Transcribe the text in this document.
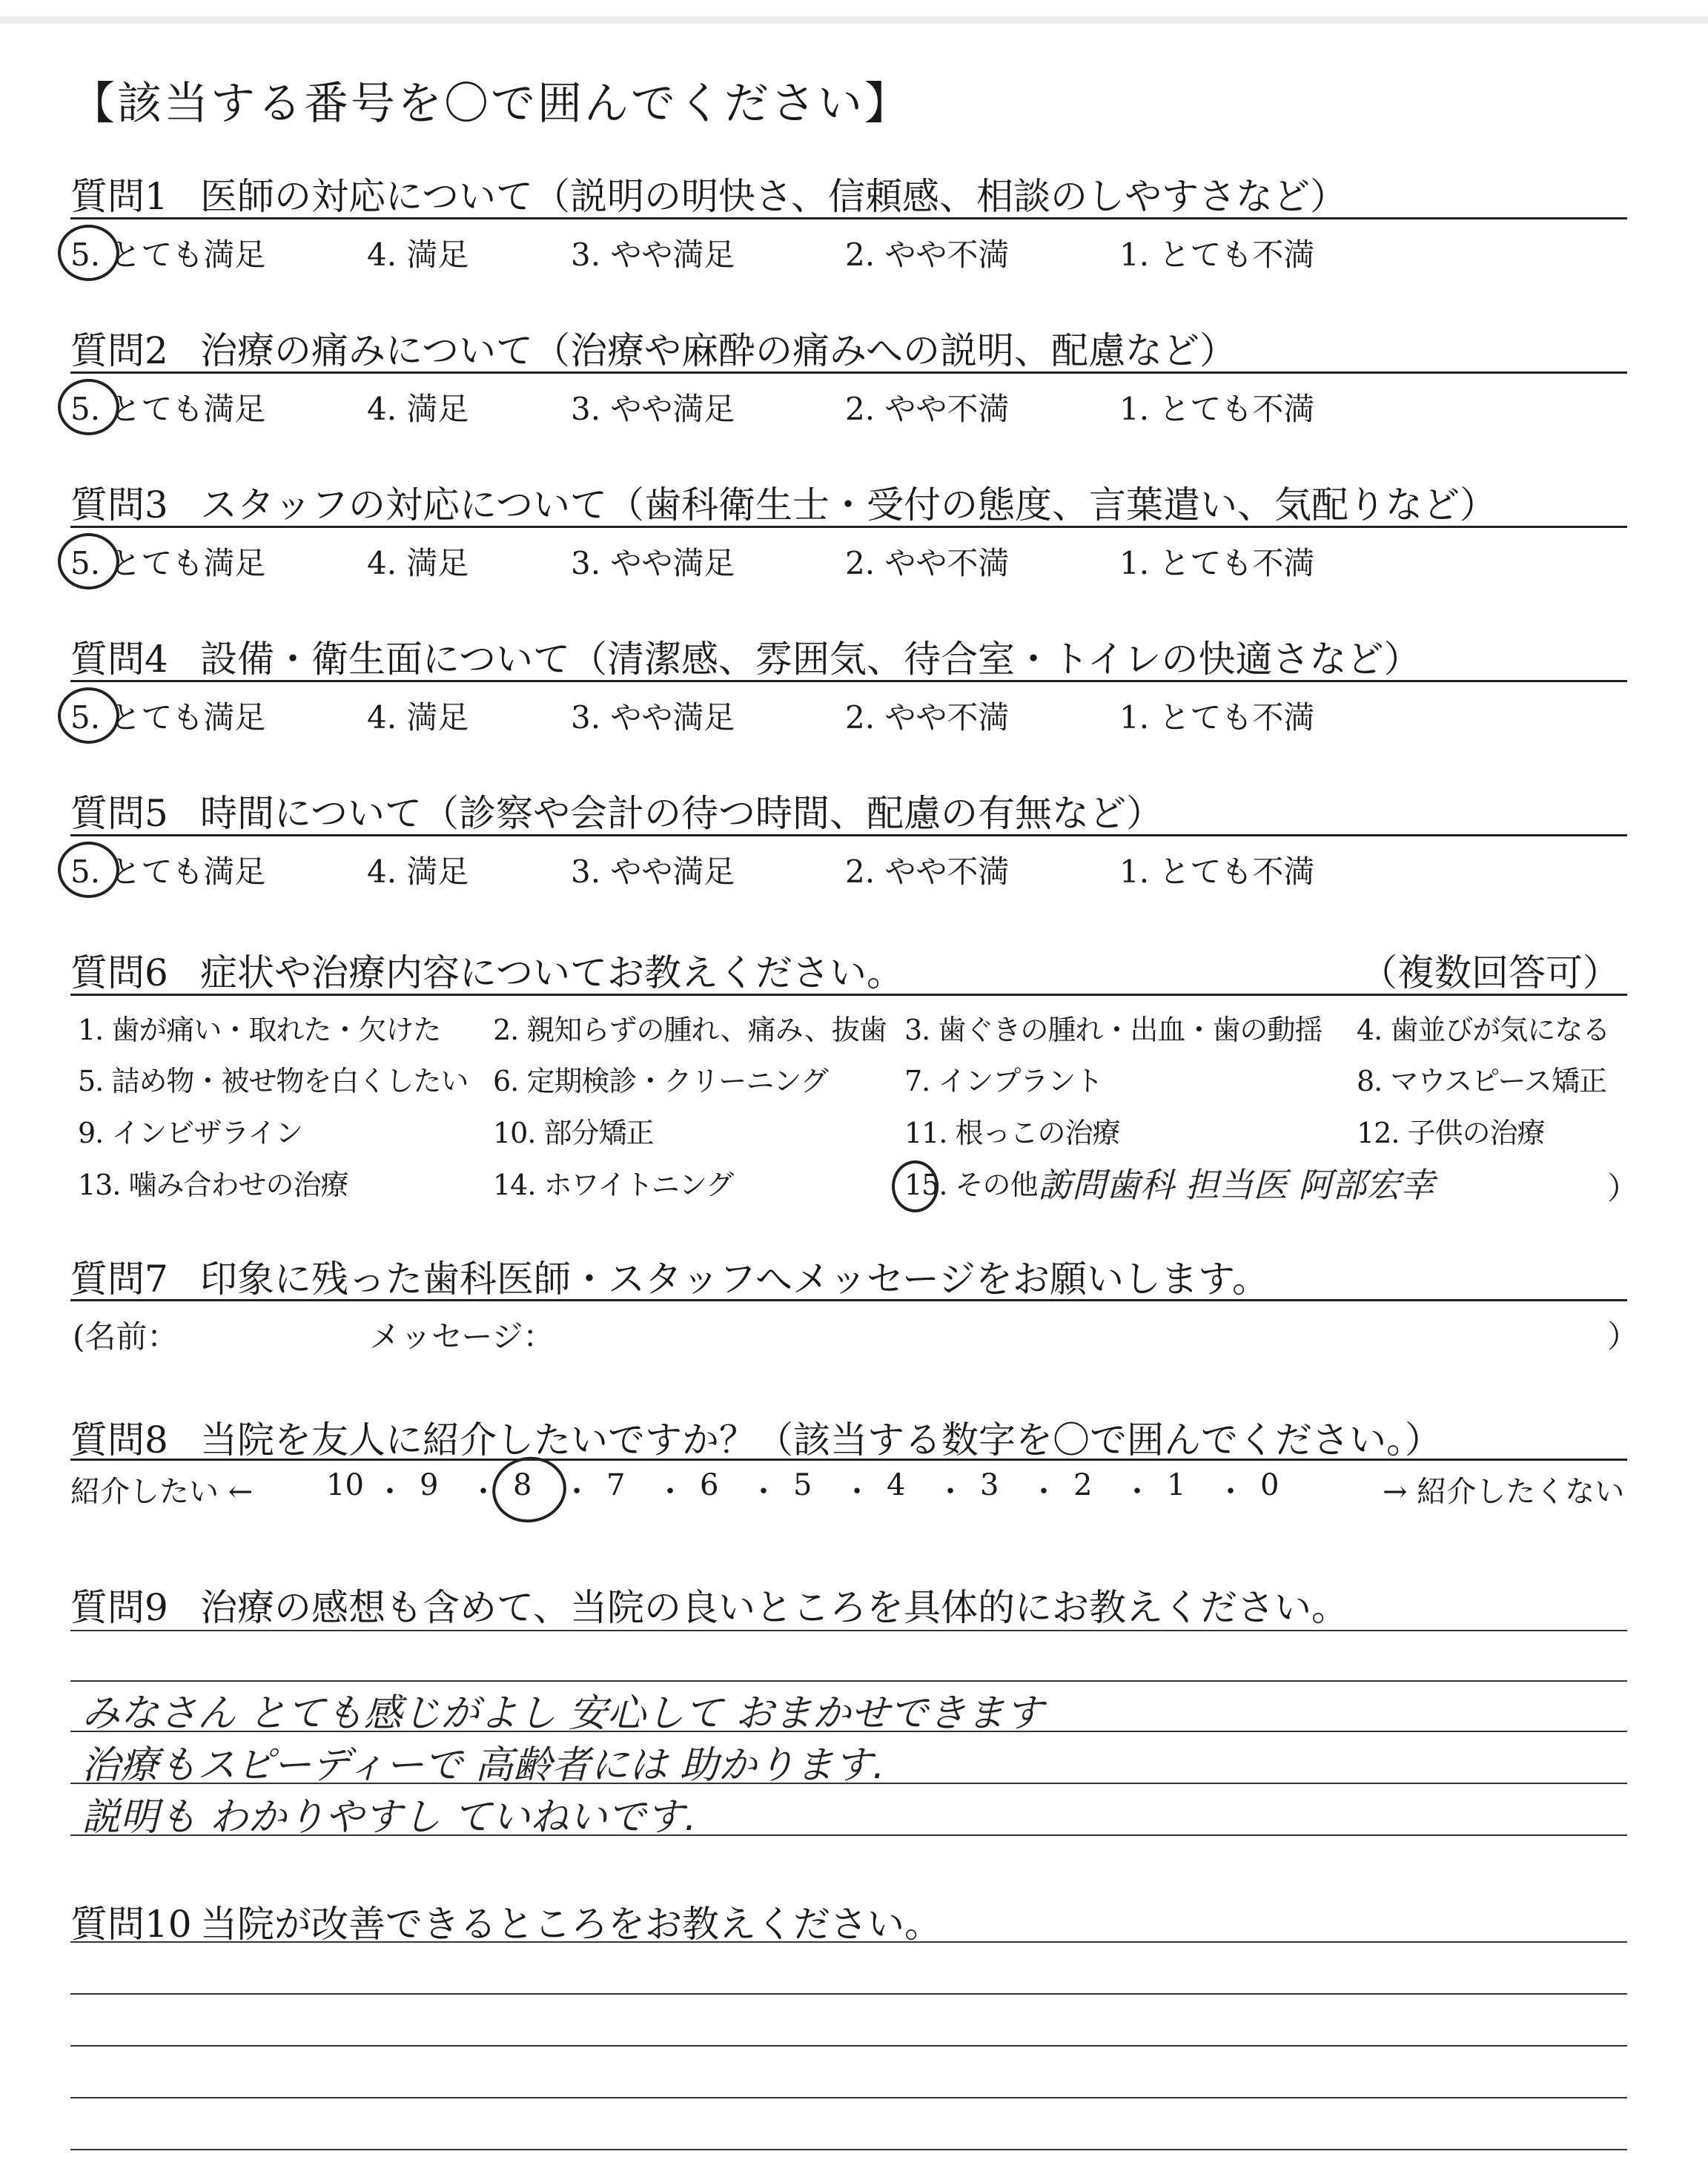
【該当する番号を〇で囲んでください】
質問1 医師の対応について（説明の明快さ、信頼感、相談のしやすさなど）
5. とても満足	4. 満足	3. やや満足	2. やや不満	1. とても不満
質問2 治療の痛みについて（治療や麻酔の痛みへの説明、配慮など）
5. とても満足	4. 満足	3. やや満足	2. やや不満	1. とても不満
質問3 スタッフの対応について（歯科衛生士・受付の態度、言葉遣い、気配りなど）
5. とても満足	4. 満足	3. やや満足	2. やや不満	1. とても不満
質問4 設備・衛生面について（清潔感、雰囲気、待合室・トイレの快適さなど）
5. とても満足	4. 満足	3. やや満足	2. やや不満	1. とても不満
質問5 時間について（診察や会計の待つ時間、配慮の有無など）
5. とても満足	4. 満足	3. やや満足	2. やや不満	1. とても不満
質問6 症状や治療内容についてお教えください。	（複数回答可）
1. 歯が痛い・取れた・欠けた 2. 親知らずの腫れ、痛み、抜歯 3. 歯ぐきの腫れ・出血・歯の動揺 4. 歯並びが気になる
5. 詰め物・被せ物を白くしたい 6. 定期検診・クリーニング	7. インプラント	8. マウスピース矯正
9. インビザライン	10. 部分矯正	11. 根っこの治療	12. 子供の治療
13. 噛み合わせの治療	14. ホワイトニング	15. その他（
訪問歯科 担当医 阿部宏幸	）
質問7 印象に残った歯科医師・スタッフへメッセージをお願いします。
(名前：	メッセージ：	）
質問8 当院を友人に紹介したいですか？（該当する数字を〇で囲んでください。）
紹介したい ←	→ 紹介したくない
10 ・ 9 ・ 8 ・ 7 ・ 6 ・ 5 ・ 4 ・ 3 ・ 2 ・ 1 ・ 0
質問9 治療の感想も含めて、当院の良いところを具体的にお教えください。
みなさん とても感じがよし 安心して おまかせできます
治療もスピーディーで 高齢者には 助かります.
説明も わかりやすし ていねいです.
質問10 当院が改善できるところをお教えください。
